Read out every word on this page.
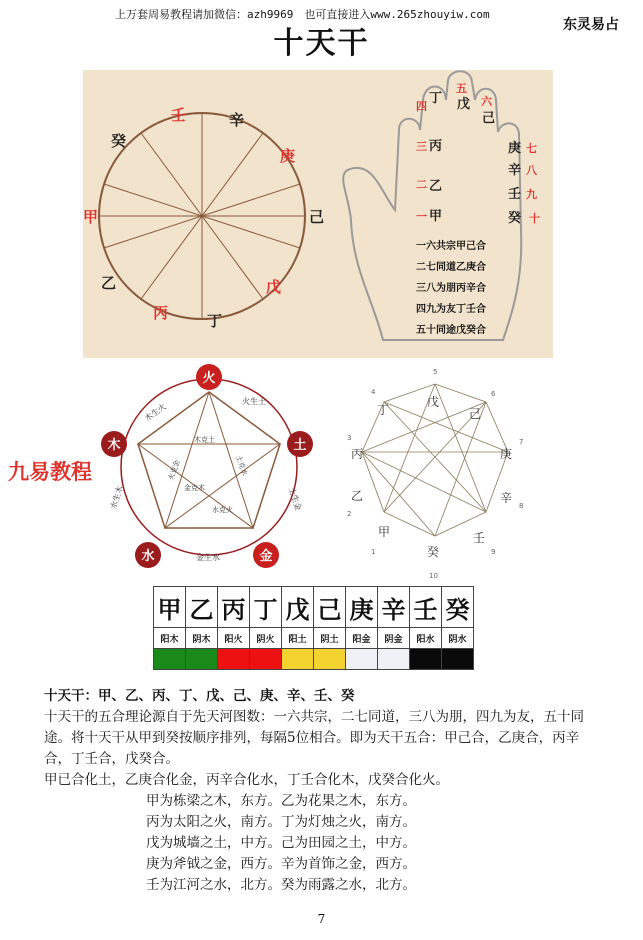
上万套周易教程请加微信：azh9969　也可直接进入www.265zhouyiw.com
东灵易占
十天干
壬	辛
癸
庚
甲	己
乙	戊
丙	丁
五
戊 六
己
四
丁
三 丙
二 乙
一 甲
七
庚
八
辛
九
壬
十
癸
一六共宗甲己合
二七同道乙庚合
三八为朋丙辛合
四九为友丁壬合
五十同途戊癸合
九易教程
火生土
土生金
金生水
水生木
木生火
木克土
土克水
水克火
火克金
金克木
火
土
金
水
木
戊
己
庚
辛
壬
癸
甲
乙
丙
丁
5
6
7
8
9
10
1
2
3
4
甲	乙	丙	丁	戊	己	庚	辛	壬	癸
阳木	阴木	阳火	阴火	阳土	阴土	阳金	阴金	阳水	阴水

十天干：甲、乙、丙、丁、戊、己、庚、辛、壬、癸
十天干的五合理论源自于先天河图数：一六共宗，二七同道，三八为朋，四九为友，五十同途。将十天干从甲到癸按顺序排列，每隔5位相合。即为天干五合：甲己合，乙庚合，丙辛合，丁壬合，戊癸合。
甲已合化土，乙庚合化金，丙辛合化水，丁壬合化木，戊癸合化火。
甲为栋梁之木，东方。乙为花果之木，东方。
丙为太阳之火，南方。丁为灯烛之火，南方。
戊为城墙之土，中方。己为田园之土，中方。
庚为斧钺之金，西方。辛为首饰之金，西方。
壬为江河之水，北方。癸为雨露之水，北方。
7
